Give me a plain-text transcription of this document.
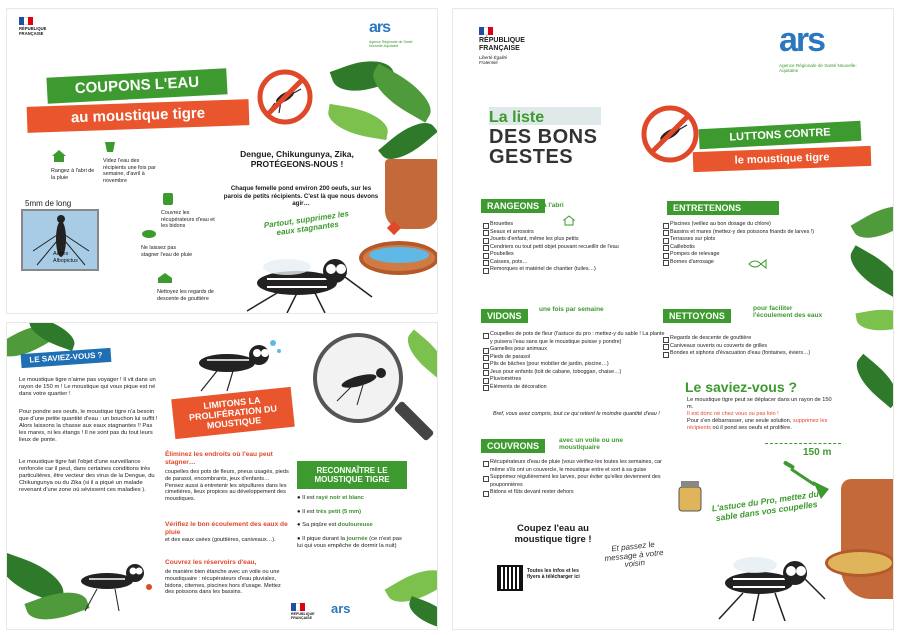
RÉPUBLIQUE FRANÇAISE	ars
Agence Régionale de Santé Nouvelle-Aquitaine
COUPONS L'EAU
au moustique tigre
Rangez à l'abri de la pluie
Videz l'eau des récipients une fois par semaine, d'avril à novembre
Couvrez les récupérateurs d'eau et les bidons
Ne laissez pas stagner l'eau de pluie
Nettoyez les regards de descente de gouttière
5mm de long
Aedes Albopictus
Dengue, Chikungunya, Zika, PROTÉGEONS-NOUS !
Chaque femelle pond environ 200 oeufs, sur les parois de petits récipients. C'est là que nous devons agir…
Partout, supprimez les eaux stagnantes
LE SAVIEZ-VOUS ?
Le moustique tigre n'aime pas voyager ! Il vit dans un rayon de 150 m ! Le moustique qui vous pique est né dans votre quartier !
Pour pondre ses oeufs, le moustique tigre n'a besoin que d'une petite quantité d'eau : un bouchon lui suffit ! Alors laissons la chasse aux eaux stagnantes !! Pas les mares, ni les étangs ! Il ne sont pas du tout leurs lieux de ponte.
Le moustique tigre fait l'objet d'une surveillance renforcée car il peut, dans certaines conditions très particulières, être vecteur des virus de la Dengue, du Chikungunya ou du Zika (si il a piqué un malade revenant d'une zone où sévissent ces maladies ).
LIMITONS LA PROLIFÉRATION DU MOUSTIQUE
Éliminez les endroits où l'eau peut stagner…
coupelles des pots de fleurs, pneus usagés, pieds de parasol, encombrants, jeux d'enfants… Pensez aussi à entretenir les sépultures dans les cimetières, lieux propices au développement des moustiques.
Vérifiez le bon écoulement des eaux de pluie
et des eaux usées (gouttières, caniveaux…).
Couvrez les réservoirs d'eau,
de manière bien étanche avec un voile ou une moustiquaire : récupérateurs d'eau pluviales, bidons, citernes, piscines hors d'usage. Mettez des poissons dans les bassins.
RECONNAÎTRE LE MOUSTIQUE TIGRE
● Il est rayé noir et blanc
● Il est très petit (5 mm)
● Sa piqûre est douloureuse
● Il pique durant la journée (ce n'est pas lui qui vous empêche de dormir la nuit)
RÉPUBLIQUE FRANÇAISE
ars
RÉPUBLIQUE FRANÇAISE
Liberté Égalité Fraternité
ars
Agence Régionale de Santé Nouvelle-Aquitaine
La liste
DES BONS GESTES
LUTTONS CONTRE
le moustique tigre
RANGEONS à l'abri
Brouettes
Seaux et arrosoirs
Jouets d'enfant, même les plus petits
Cendriers ou tout petit objet pouvant recueillir de l'eau
Poubelles
Caisses, pots…
Remorques et matériel de chantier (tuiles…)
ENTRETENONS
Piscines (veillez au bon dosage du chlore)
Bassins et mares (mettez-y des poissons friands de larves !)
Terrasses sur plots
Caillebotis
Pompes de relevage
Bornes d'arrosage
VIDONS
une fois par semaine
Coupelles de pots de fleur (l'astuce du pro : mettez-y du sable ! La plante y puisera l'eau sans que le moustique puisse y pondre)
Gamelles pour animaux
Pieds de parasol
Plis de bâches (pour mobilier de jardin, piscine…)
Jeux pour enfants (toit de cabane, toboggan, chaise…)
Pluviomètres
Éléments de décoration
Bref, vous avez compris, tout ce qui retient le moindre quantité d'eau !
NETTOYONS
pour faciliter l'écoulement des eaux
Regards de descente de gouttière
Caniveaux ouverts ou couverts de grilles
Bondes et siphons d'évacuation d'eau (fontaines, éviers…)
Le saviez-vous ?
Le moustique tigre peut se déplacer dans un rayon de 150 m.
Il est donc né chez vous ou pas loin !
Pour s'en débarrasser, une seule solution, supprimez les récipients où il pond ses oeufs et prolifère.
150 m
COUVRONS
avec un voile ou une moustiquaire
Récupérateurs d'eau de pluie (vous vérifiez-les toutes les semaines, car même s'ils ont un couvercle, le moustique entre et sort à sa guise
Supprimez régulièrement les larves, pour éviter qu'elles deviennent des pouponnières
Bidons et fûts devant rester dehors	L'astuce du Pro, mettez du sable dans vos coupelles
Coupez l'eau au moustique tigre !
Et passez le message à votre voisin
Toutes les infos et les flyers à télécharger ici
